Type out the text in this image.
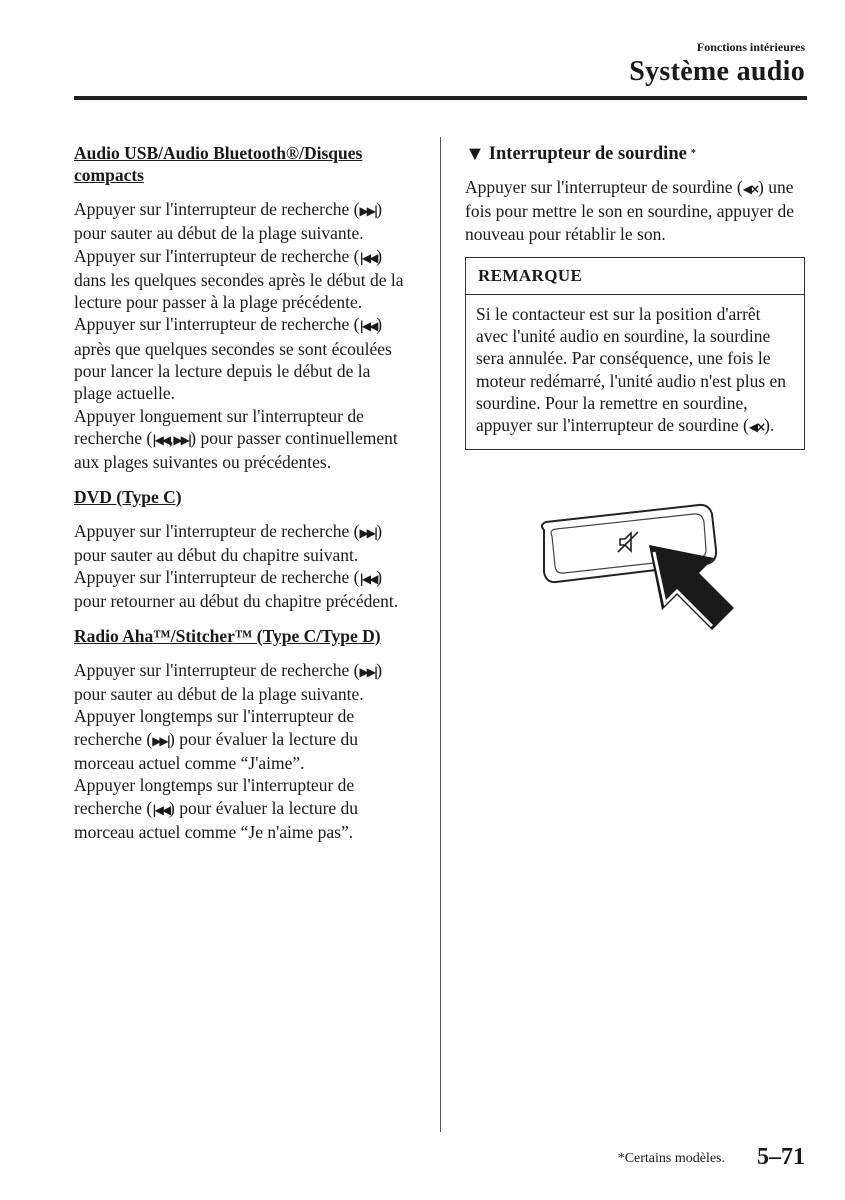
Fonctions intérieures
Système audio
Audio USB/Audio Bluetooth®/Disques compacts

Appuyer sur l'interrupteur de recherche (▶▶|) pour sauter au début de la plage suivante.

Appuyer sur l'interrupteur de recherche (|◀◀) dans les quelques secondes après le début de la lecture pour passer à la plage précédente.

Appuyer sur l'interrupteur de recherche (|◀◀) après que quelques secondes se sont écoulées pour lancer la lecture depuis le début de la plage actuelle.

Appuyer longuement sur l'interrupteur de recherche (|◀◀,▶▶|) pour passer continuellement aux plages suivantes ou précédentes.

DVD (Type C)

Appuyer sur l'interrupteur de recherche (▶▶|) pour sauter au début du chapitre suivant.

Appuyer sur l'interrupteur de recherche (|◀◀) pour retourner au début du chapitre précédent.

Radio Aha™/Stitcher™ (Type C/Type D)

Appuyer sur l'interrupteur de recherche (▶▶|) pour sauter au début de la plage suivante.

Appuyer longtemps sur l'interrupteur de recherche (▶▶|) pour évaluer la lecture du morceau actuel comme “J'aime”.

Appuyer longtemps sur l'interrupteur de recherche (|◀◀) pour évaluer la lecture du morceau actuel comme “Je n'aime pas”.

▼ Interrupteur de sourdine *

Appuyer sur l'interrupteur de sourdine (◀×) une fois pour mettre le son en sourdine, appuyer de nouveau pour rétablir le son.

REMARQUE
Si le contacteur est sur la position d'arrêt avec l'unité audio en sourdine, la sourdine sera annulée. Par conséquence, une fois le moteur redémarré, l'unité audio n'est plus en sourdine. Pour la remettre en sourdine, appuyer sur l'interrupteur de sourdine (◀×).
*Certains modèles. 5–71
